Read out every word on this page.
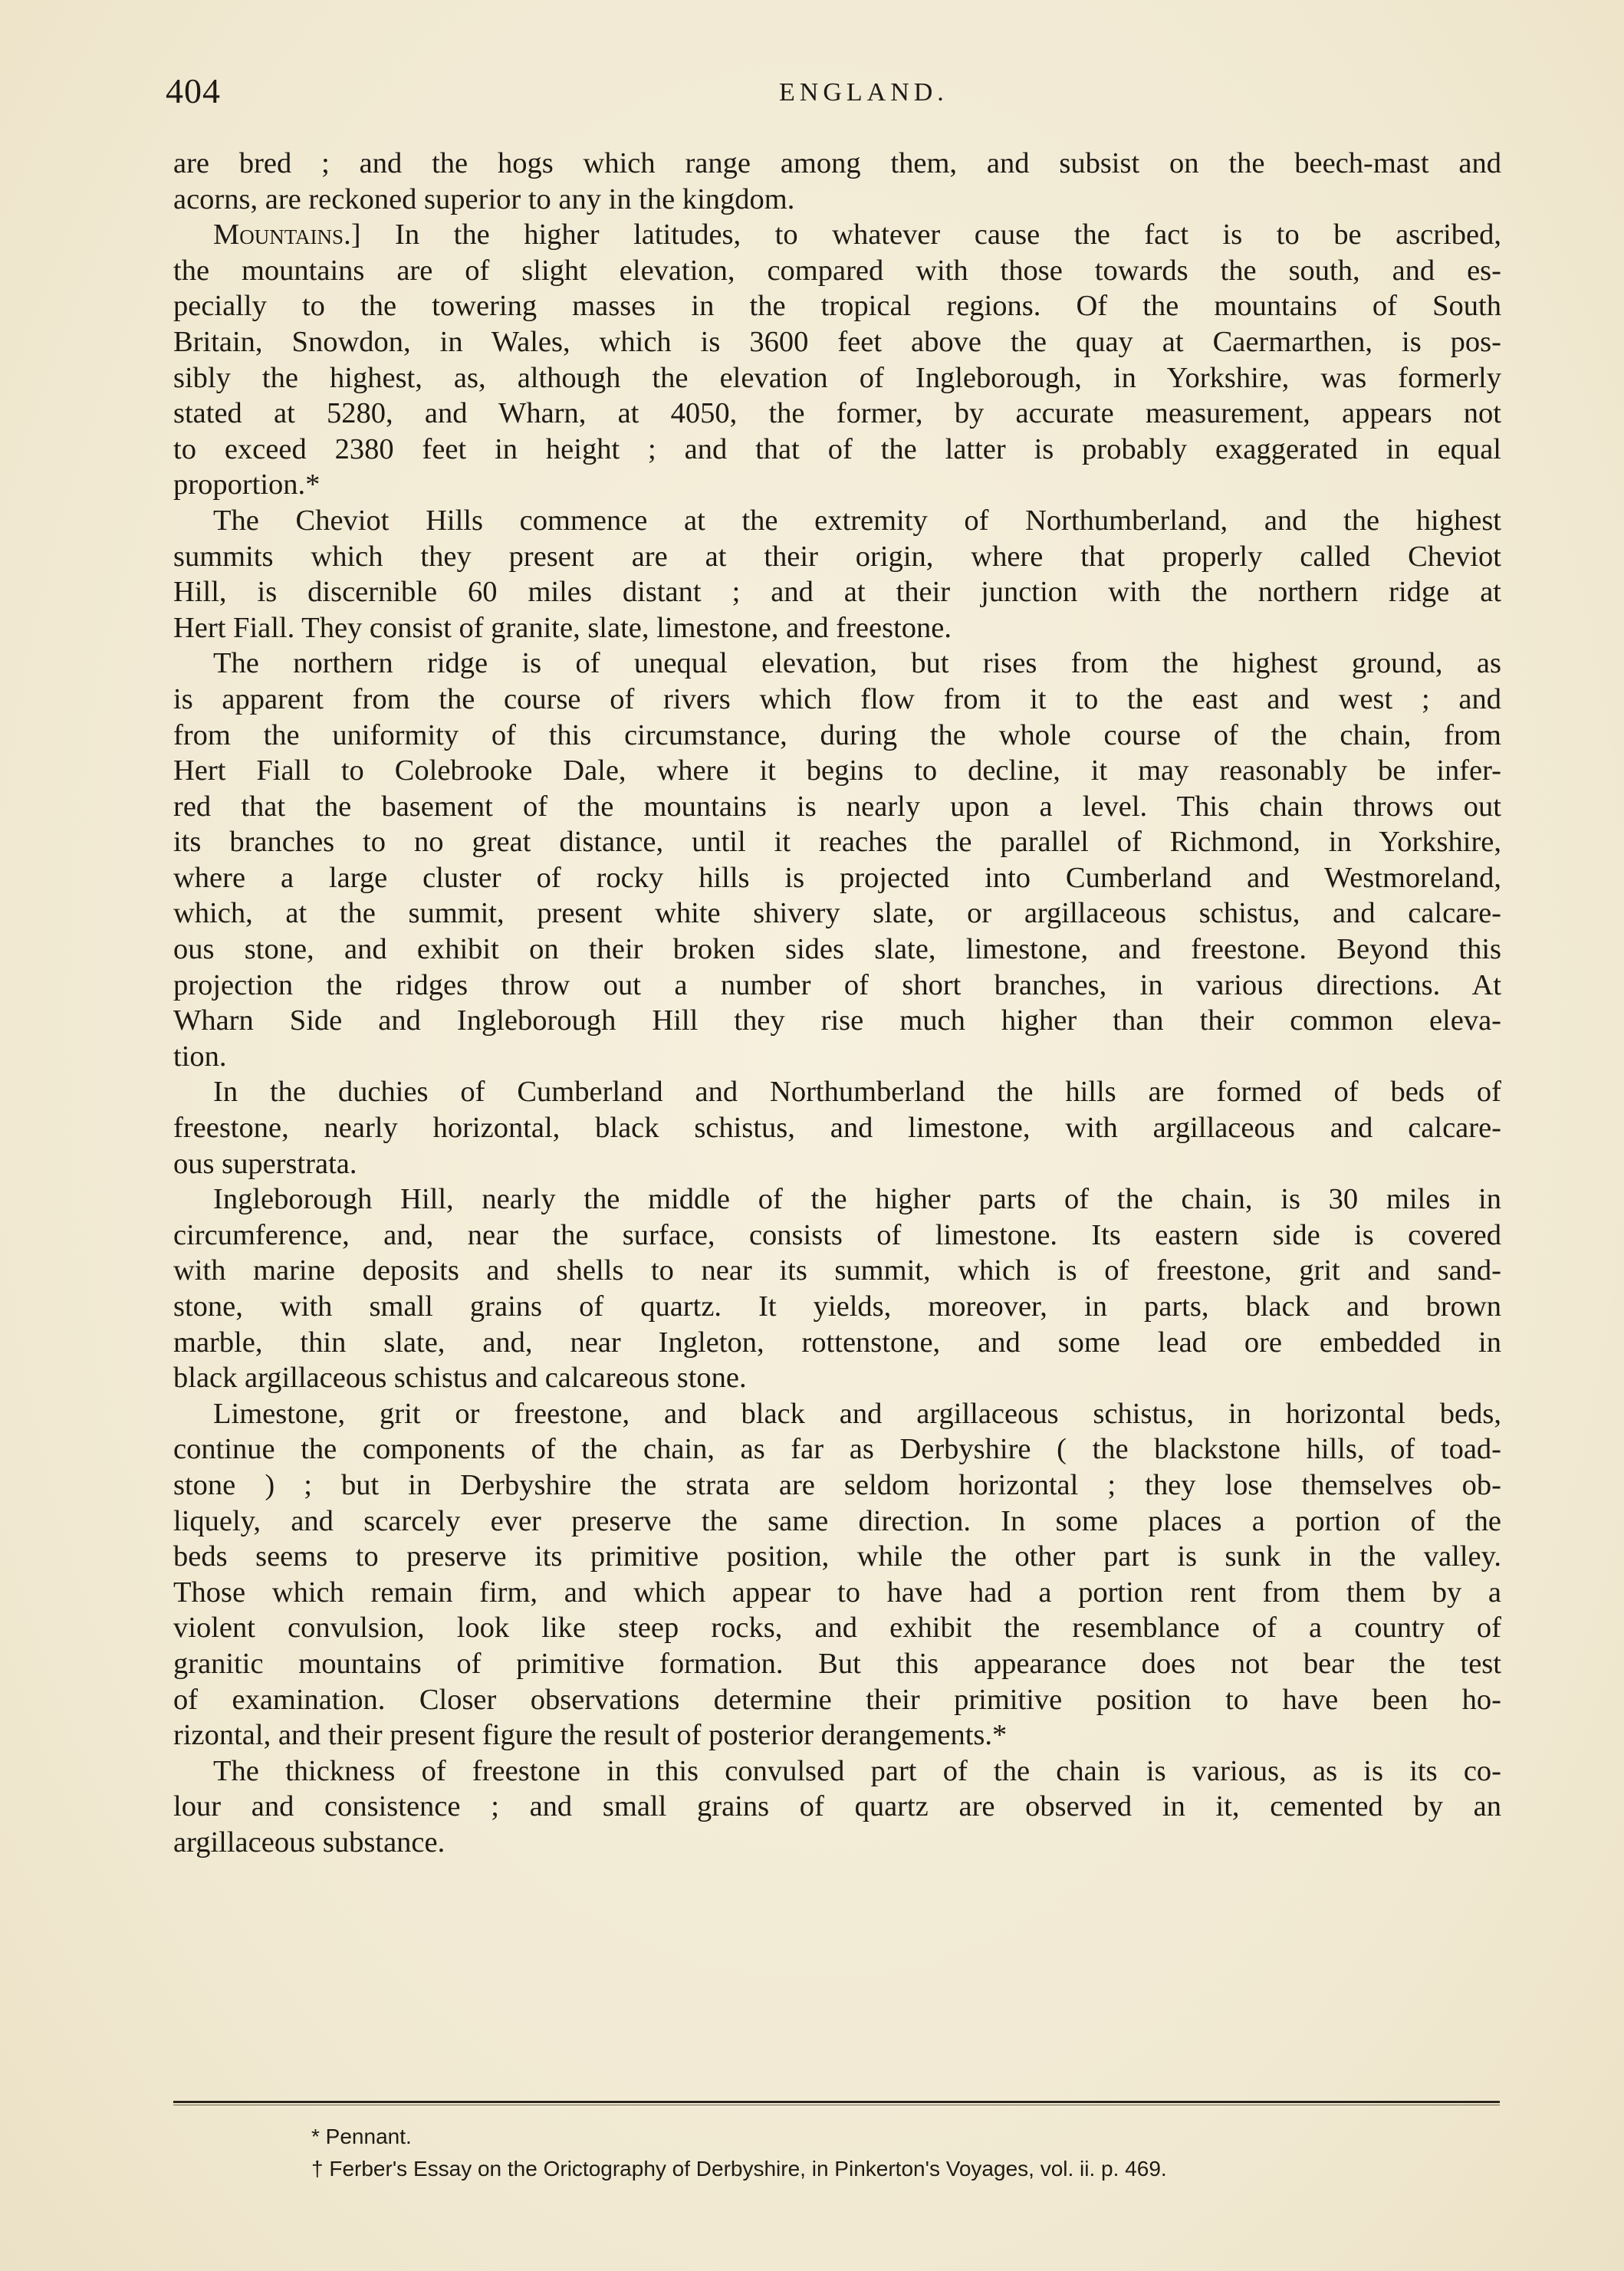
404	ENGLAND.
are bred ; and the hogs which range among them, and subsist on the beech-mast and
acorns, are reckoned superior to any in the kingdom.
Mountains.] In the higher latitudes, to whatever cause the fact is to be ascribed,
the mountains are of slight elevation, compared with those towards the south, and es-
pecially to the towering masses in the tropical regions. Of the mountains of South
Britain, Snowdon, in Wales, which is 3600 feet above the quay at Caermarthen, is pos-
sibly the highest, as, although the elevation of Ingleborough, in Yorkshire, was formerly
stated at 5280, and Wharn, at 4050, the former, by accurate measurement, appears not
to exceed 2380 feet in height ; and that of the latter is probably exaggerated in equal
proportion.*
The Cheviot Hills commence at the extremity of Northumberland, and the highest
summits which they present are at their origin, where that properly called Cheviot
Hill, is discernible 60 miles distant ; and at their junction with the northern ridge at
Hert Fiall. They consist of granite, slate, limestone, and freestone.
The northern ridge is of unequal elevation, but rises from the highest ground, as
is apparent from the course of rivers which flow from it to the east and west ; and
from the uniformity of this circumstance, during the whole course of the chain, from
Hert Fiall to Colebrooke Dale, where it begins to decline, it may reasonably be infer-
red that the basement of the mountains is nearly upon a level. This chain throws out
its branches to no great distance, until it reaches the parallel of Richmond, in Yorkshire,
where a large cluster of rocky hills is projected into Cumberland and Westmoreland,
which, at the summit, present white shivery slate, or argillaceous schistus, and calcare-
ous stone, and exhibit on their broken sides slate, limestone, and freestone. Beyond this
projection the ridges throw out a number of short branches, in various directions. At
Wharn Side and Ingleborough Hill they rise much higher than their common eleva-
tion.
In the duchies of Cumberland and Northumberland the hills are formed of beds of
freestone, nearly horizontal, black schistus, and limestone, with argillaceous and calcare-
ous superstrata.
Ingleborough Hill, nearly the middle of the higher parts of the chain, is 30 miles in
circumference, and, near the surface, consists of limestone. Its eastern side is covered
with marine deposits and shells to near its summit, which is of freestone, grit and sand-
stone, with small grains of quartz. It yields, moreover, in parts, black and brown
marble, thin slate, and, near Ingleton, rottenstone, and some lead ore embedded in
black argillaceous schistus and calcareous stone.
Limestone, grit or freestone, and black and argillaceous schistus, in horizontal beds,
continue the components of the chain, as far as Derbyshire ( the blackstone hills, of toad-
stone ) ; but in Derbyshire the strata are seldom horizontal ; they lose themselves ob-
liquely, and scarcely ever preserve the same direction. In some places a portion of the
beds seems to preserve its primitive position, while the other part is sunk in the valley.
Those which remain firm, and which appear to have had a portion rent from them by a
violent convulsion, look like steep rocks, and exhibit the resemblance of a country of
granitic mountains of primitive formation. But this appearance does not bear the test
of examination. Closer observations determine their primitive position to have been ho-
rizontal, and their present figure the result of posterior derangements.*
The thickness of freestone in this convulsed part of the chain is various, as is its co-
lour and consistence ; and small grains of quartz are observed in it, cemented by an
argillaceous substance.
* Pennant.
† Ferber's Essay on the Orictography of Derbyshire, in Pinkerton's Voyages, vol. ii. p. 469.
